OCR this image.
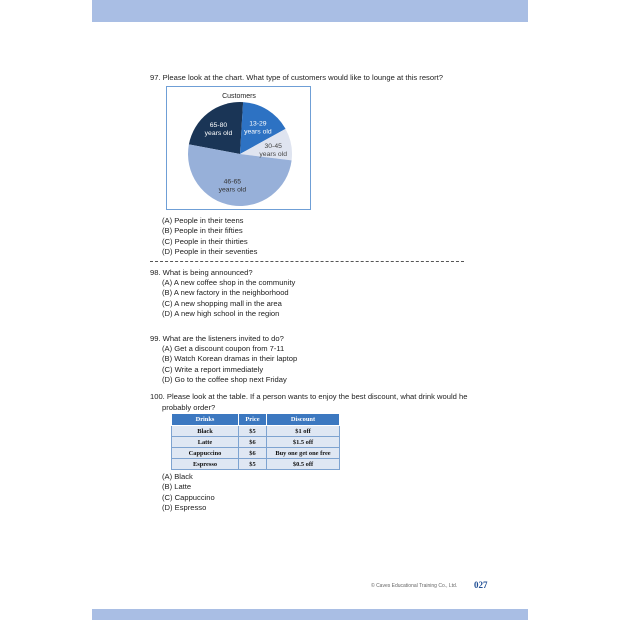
97. Please look at the chart. What type of customers would like to lounge at this resort?
Customers
65-80 years old
13-29 years old
30-45 years old
46-65 years old
(A) People in their teens
(B) People in their fifties
(C) People in their thirties
(D) People in their seventies
98. What is being announced?
(A) A new coffee shop in the community
(B) A new factory in the neighborhood
(C) A new shopping mall in the area
(D) A new high school in the region
99. What are the listeners invited to do?
(A) Get a discount coupon from 7-11
(B) Watch Korean dramas in their laptop
(C) Write a report immediately
(D) Go to the coffee shop next Friday
100. Please look at the table. If a person wants to enjoy the best discount, what drink would he
probably order?
Drinks	Price	Discount
Black	$5	$1 off
Latte	$6	$1.5 off
Cappuccino	$6	Buy one get one free
Espresso	$5	$0.5 off
(A) Black
(B) Latte
(C) Cappuccino
(D) Espresso
© Caves Educational Training Co., Ltd. 027
